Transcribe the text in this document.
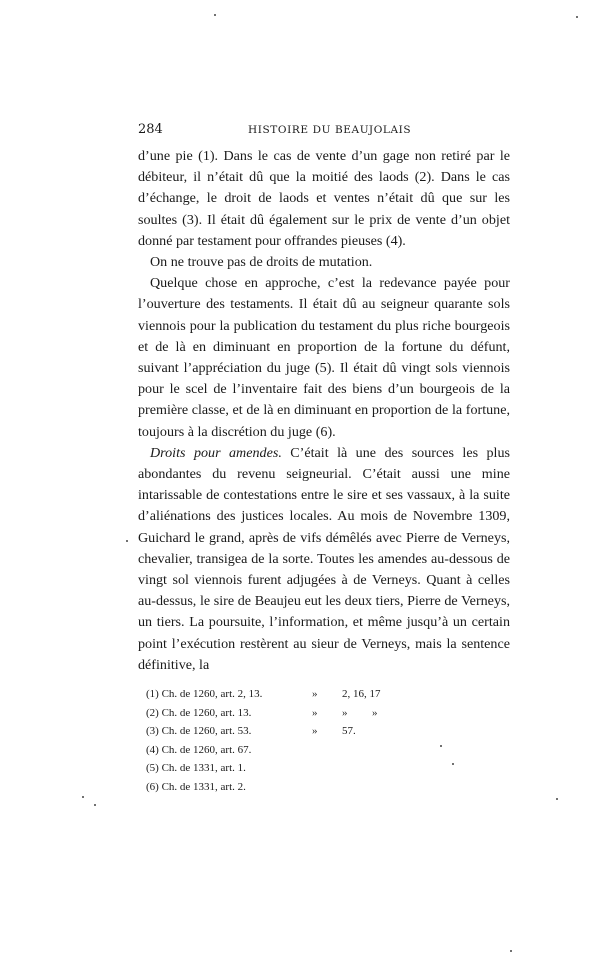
284	HISTOIRE DU BEAUJOLAIS

d’une pie (1). Dans le cas de vente d’un gage non retiré par le débiteur, il n’était dû que la moitié des laods (2). Dans le cas d’échange, le droit de laods et ventes n’était dû que sur les soultes (3). Il était dû également sur le prix de vente d’un objet donné par testament pour offrandes pieuses (4).

On ne trouve pas de droits de mutation.

Quelque chose en approche, c’est la redevance payée pour l’ouverture des testaments. Il était dû au seigneur quarante sols viennois pour la publication du testament du plus riche bourgeois et de là en diminuant en proportion de la fortune du défunt, suivant l’appréciation du juge (5). Il était dû vingt sols viennois pour le scel de l’inventaire fait des biens d’un bourgeois de la première classe, et de là en diminuant en proportion de la fortune, toujours à la discrétion du juge (6).

Droits pour amendes. C’était là une des sources les plus abondantes du revenu seigneurial. C’était aussi une mine intarissable de contestations entre le sire et ses vassaux, à la suite d’aliénations des justices locales. Au mois de Novembre 1309, Guichard le grand, après de vifs démêlés avec Pierre de Verneys, chevalier, transigea de la sorte. Toutes les amendes au-dessous de vingt sol viennois furent adjugées à de Verneys. Quant à celles au-dessus, le sire de Beaujeu eut les deux tiers, Pierre de Verneys, un tiers. La poursuite, l’information, et même jusqu’à un certain point l’exécution restèrent au sieur de Verneys, mais la sentence définitive, la

(1) Ch. de 1260, art. 2, 13.	» 2, 16, 17
(2) Ch. de 1260, art. 13.	» » »
(3) Ch. de 1260, art. 53.	» 57.
(4) Ch. de 1260, art. 67.
(5) Ch. de 1331, art. 1.
(6) Ch. de 1331, art. 2.
